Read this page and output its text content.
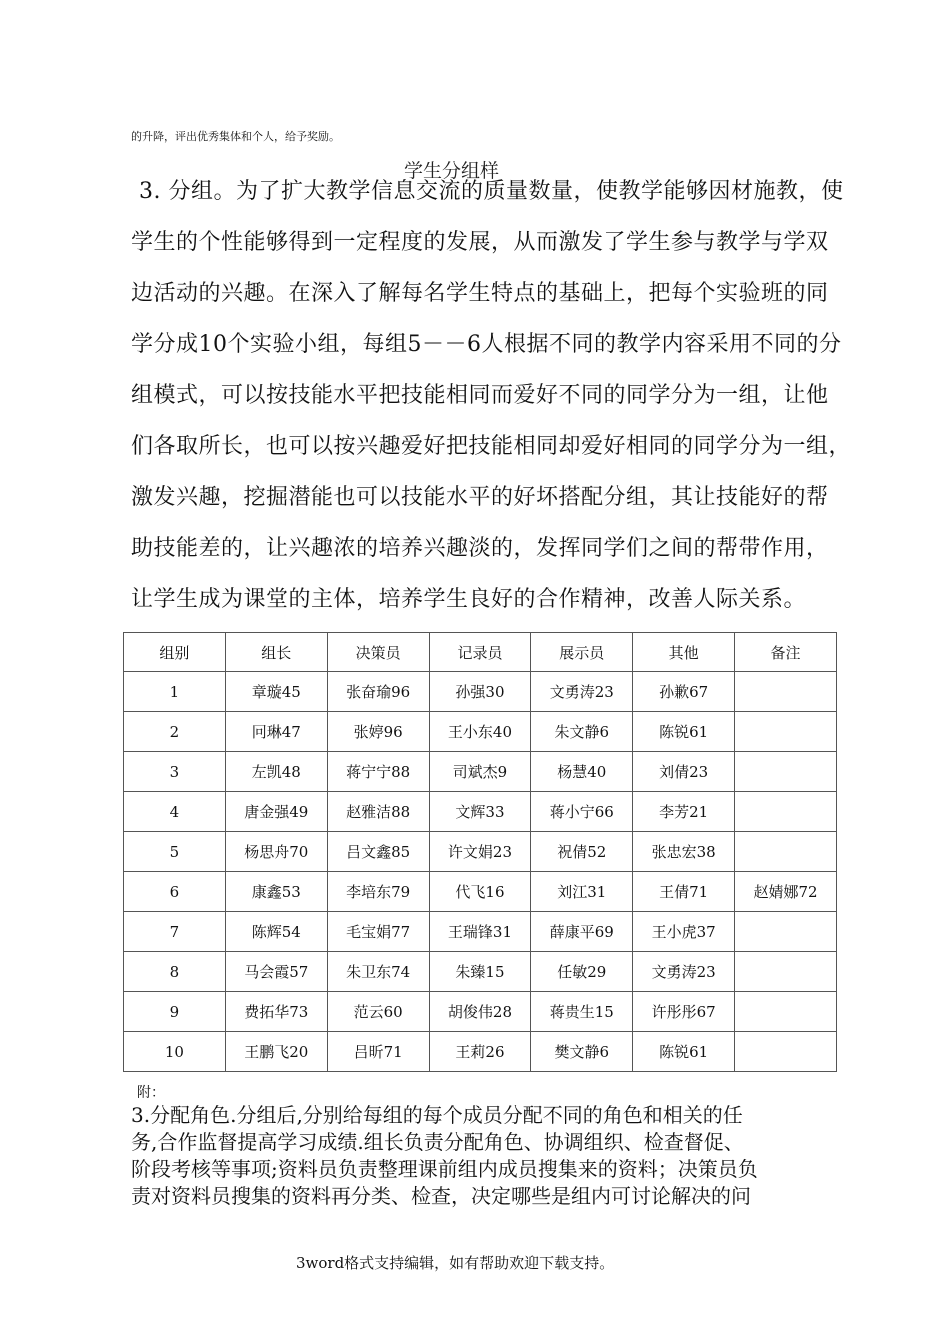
的升降，评出优秀集体和个人，给予奖励。

3. 分组。为了扩大教学信息交流的质量数量，使教学能够因材施教，使

学生的个性能够得到一定程度的发展，从而激发了学生参与教学与学双

边活动的兴趣。在深入了解每名学生特点的基础上，把每个实验班的同

学分成10个实验小组，每组5－－6人根据不同的教学内容采用不同的分

组模式，可以按技能水平把技能相同而爱好不同的同学分为一组，让他

们各取所长，也可以按兴趣爱好把技能相同却爱好相同的同学分为一组，

激发兴趣，挖掘潜能也可以技能水平的好坏搭配分组，其让技能好的帮

助技能差的，让兴趣浓的培养兴趣淡的，发挥同学们之间的帮带作用，

让学生成为课堂的主体，培养学生良好的合作精神，改善人际关系。

学生分组样
组别	组长	决策员	记录员	展示员	其他	备注
1	章璇45	张奋瑜96	孙强30	文勇涛23	孙歉67	
2	冋琳47	张婷96	王小东40	朱文静6	陈锐61	
3	左凯48	蒋宁宁88	司斌杰9	杨慧40	刘倩23	
4	唐金强49	赵雅洁88	文辉33	蒋小宁66	李芳21	
5	杨思舟70	吕文鑫85	许文娟23	祝倩52	张忠宏38	
6	康鑫53	李培东79	代飞16	刘江31	王倩71	赵婧娜72
7	陈辉54	毛宝娟77	王瑞锋31	薛康平69	王小虎37	
8	马会霞57	朱卫东74	朱臻15	任敏29	文勇涛23	
9	费拓华73	范云60	胡俊伟28	蒋贵生15	许彤彤67	
10	王鹏飞20	吕昕71	王莉26	樊文静6	陈锐61	
附：

3.分配角色.分组后,分别给每组的每个成员分配不同的角色和相关的任

务,合作监督提高学习成绩.组长负责分配角色、协调组织、检查督促、

阶段考核等事项;资料员负责整理课前组内成员搜集来的资料；决策员负

责对资料员搜集的资料再分类、检查，决定哪些是组内可讨论解决的问

3word格式支持编辑，如有帮助欢迎下载支持。
